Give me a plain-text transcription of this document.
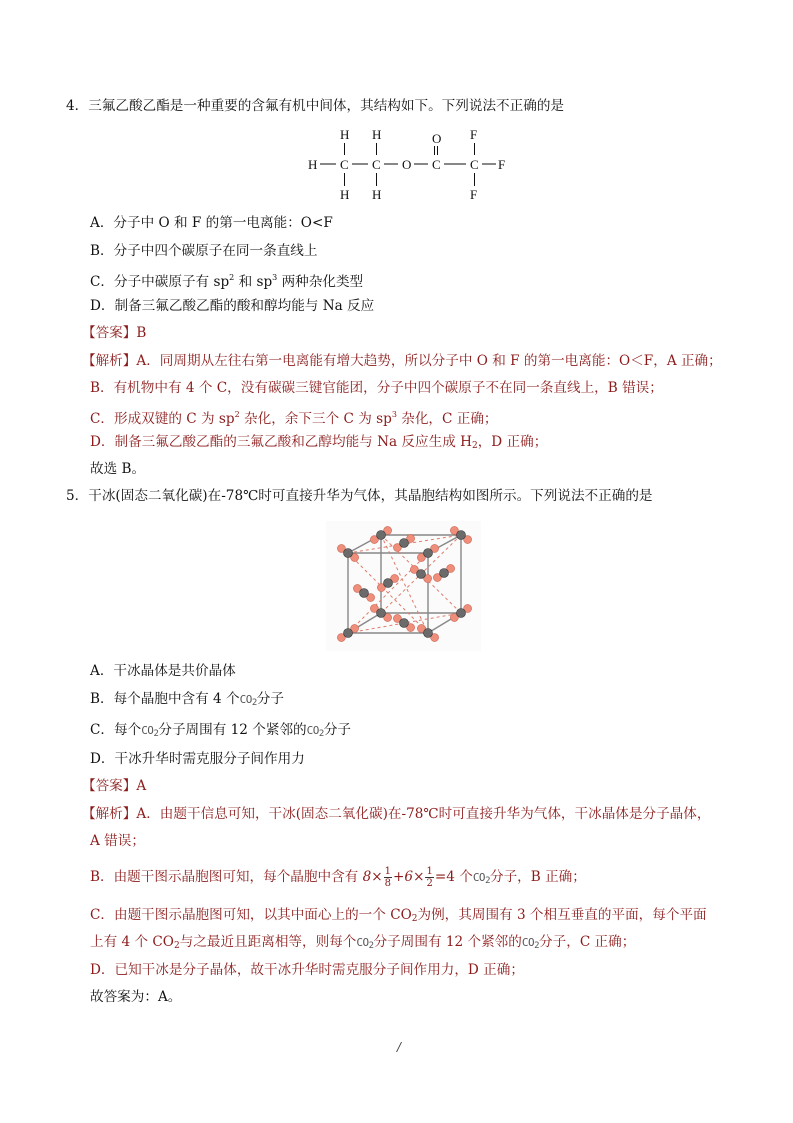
4．三氟乙酸乙酯是一种重要的含氟有机中间体，其结构如下。下列说法不正确的是
H H	O F
H C C O C C F
H H	F
A．分子中 O 和 F 的第一电离能：O<F
B．分子中四个碳原子在同一条直线上
C．分子中碳原子有 $sp^2$ 和 $sp^3$ 两种杂化类型
D．制备三氟乙酸乙酯的酸和醇均能与 Na 反应
【答案】B
【解析】A．同周期从左往右第一电离能有增大趋势，所以分子中 O 和 F 的第一电离能：O＜F，A 正确；
B．有机物中有 4 个 C，没有碳碳三键官能团，分子中四个碳原子不在同一条直线上，B 错误；
C．形成双键的 C 为 $sp^2$ 杂化，余下三个 C 为 $sp^3$ 杂化，C 正确；
D．制备三氟乙酸乙酯的三氟乙酸和乙醇均能与 Na 反应生成 $H_2$，D 正确；
故选 B。
5．干冰(固态二氧化碳)在-78℃时可直接升华为气体，其晶胞结构如图所示。下列说法不正确的是
A．干冰晶体是共价晶体
B．每个晶胞中含有 4 个$CO_2$分子
C．每个$CO_2$分子周围有 12 个紧邻的$CO_2$分子
D．干冰升华时需克服分子间作用力
【答案】A
【解析】A．由题干信息可知，干冰(固态二氧化碳)在-78℃时可直接升华为气体，干冰晶体是分子晶体，
A 错误；
B．由题干图示晶胞图可知，每个晶胞中含有 $8\times \frac{1}{8} +6\times \frac{1}{2} =4$ 个$CO_2$分子，B 正确；
C．由题干图示晶胞图可知，以其中面心上的一个 $CO_2$为例，其周围有 3 个相互垂直的平面，每个平面
上有 4 个 $CO_2$与之最近且距离相等，则每个$CO_2$分子周围有 12 个紧邻的$CO_2$分子，C 正确；
D．已知干冰是分子晶体，故干冰升华时需克服分子间作用力，D 正确；
故答案为：A。
/
